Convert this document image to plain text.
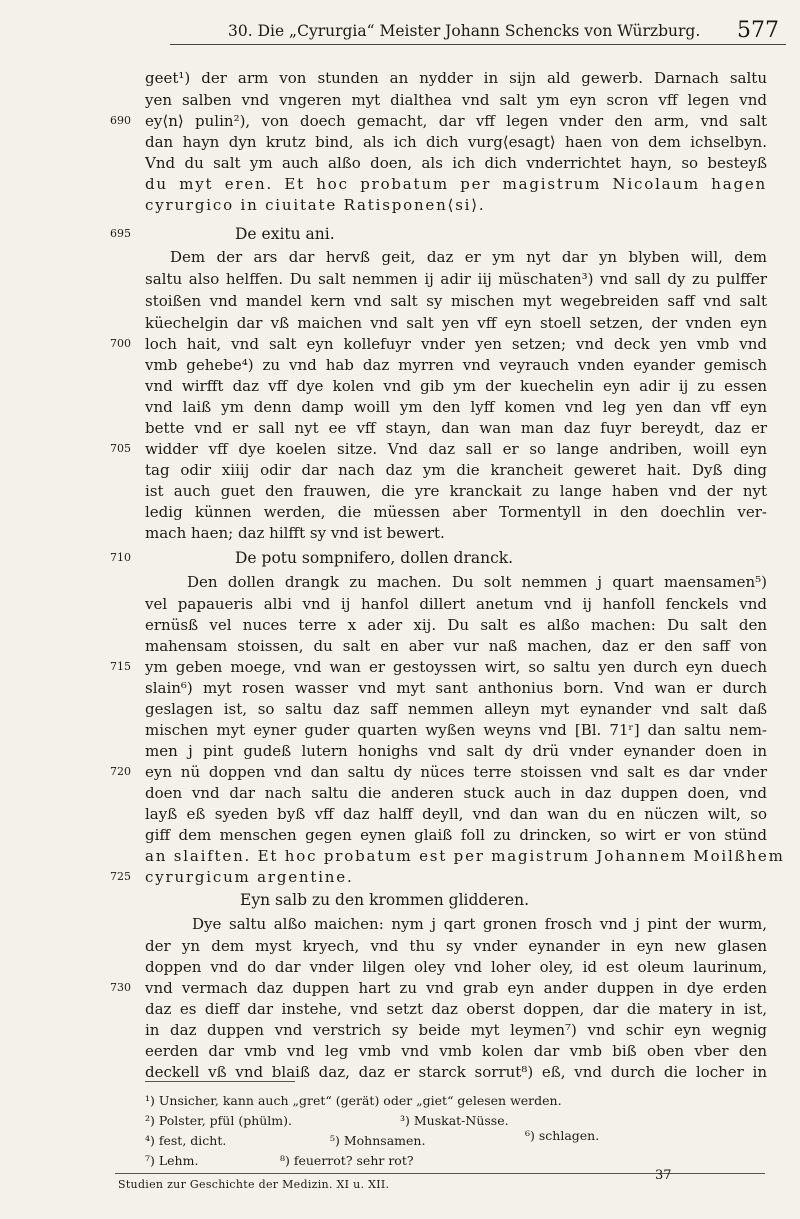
30. Die „Cyrurgia“ Meister Johann Schencks von Würzburg. 577
geet¹) der arm von stunden an nydder in sijn ald gewerb. Darnach saltu
yen salben vnd vngeren myt dialthea vnd salt ym eyn scron vff legen vnd
690 ey⟨n⟩ pulin²), von doech gemacht, dar vff legen vnder den arm, vnd salt
dan hayn dyn krutz bind, als ich dich vurg⟨esagt⟩ haen von dem ichselbyn.
Vnd du salt ym auch alßo doen, als ich dich vnderrichtet hayn, so besteyß
du myt eren. Et hoc probatum per magistrum Nicolaum hagen
cyrurgico in ciuitate Ratisponen⟨si⟩.
695	De exitu ani.
Dem der ars dar hervß geit, daz er ym nyt dar yn blyben will, dem
saltu also helffen. Du salt nemmen ij adir iij müschaten³) vnd sall dy zu pulffer
stoißen vnd mandel kern vnd salt sy mischen myt wegebreiden saff vnd salt
küechelgin dar vß maichen vnd salt yen vff eyn stoell setzen, der vnden eyn
700 loch hait, vnd salt eyn kollefuyr vnder yen setzen; vnd deck yen vmb vnd
vmb gehebe⁴) zu vnd hab daz myrren vnd veyrauch vnden eyander gemisch
vnd wirfft daz vff dye kolen vnd gib ym der kuechelin eyn adir ij zu essen
vnd laiß ym denn damp woill ym den lyff komen vnd leg yen dan vff eyn
bette vnd er sall nyt ee vff stayn, dan wan man daz fuyr bereydt, daz er
705 widder vff dye koelen sitze. Vnd daz sall er so lange andriben, woill eyn
tag odir xiiij odir dar nach daz ym die krancheit geweret hait. Dyß ding
ist auch guet den frauwen, die yre kranckait zu lange haben vnd der nyt
ledig künnen werden, die müessen aber Tormentyll in den doechlin ver-
mach haen; daz hilfft sy vnd ist bewert.
710	De potu sompnifero, dollen dranck.
Den dollen drangk zu machen. Du solt nemmen j quart maensamen⁵)
vel papaueris albi vnd ij hanfol dillert anetum vnd ij hanfoll fenckels vnd
ernüsß vel nuces terre x ader xij. Du salt es alßo machen: Du salt den
mahensam stoissen, du salt en aber vur naß machen, daz er den saff von
715 ym geben moege, vnd wan er gestoyssen wirt, so saltu yen durch eyn duech
slain⁶) myt rosen wasser vnd myt sant anthonius born. Vnd wan er durch
geslagen ist, so saltu daz saff nemmen alleyn myt eynander vnd salt daß
mischen myt eyner guder quarten wyßen weyns vnd [Bl. 71ʳ] dan saltu nem-
men j pint gudeß lutern honighs vnd salt dy drü vnder eynander doen in
720 eyn nü doppen vnd dan saltu dy nüces terre stoissen vnd salt es dar vnder
doen vnd dar nach saltu die anderen stuck auch in daz duppen doen, vnd
layß eß syeden byß vff daz halff deyll, vnd dan wan du en nüczen wilt, so
giff dem menschen gegen eynen glaiß foll zu drincken, so wirt er von stünd
an slaiften. Et hoc probatum est per magistrum Johannem Moilßhem
725 cyrurgicum argentine.
Eyn salb zu den krommen glidderen.
Dye saltu alßo maichen: nym j qart gronen frosch vnd j pint der wurm,
der yn dem myst kryech, vnd thu sy vnder eynander in eyn new glasen
doppen vnd do dar vnder lilgen oley vnd loher oley, id est oleum laurinum,
730 vnd vermach daz duppen hart zu vnd grab eyn ander duppen in dye erden
daz es dieff dar instehe, vnd setzt daz oberst doppen, dar die matery in ist,
in daz duppen vnd verstrich sy beide myt leymen⁷) vnd schir eyn wegnig
eerden dar vmb vnd leg vmb vnd vmb kolen dar vmb biß oben vber den
deckell vß vnd blaiß daz, daz er starck sorrut⁸) eß, vnd durch die locher in
¹) Unsicher, kann auch „gret“ (gerät) oder „giet“ gelesen werden.
²) Polster, pfül (phülm).	³) Muskat-Nüsse.
⁴) fest, dicht.	⁵) Mohnsamen.	⁶) schlagen.
⁷) Lehm.	⁸) feuerrot? sehr rot?
Studien zur Geschichte der Medizin. XI u. XII.
37
